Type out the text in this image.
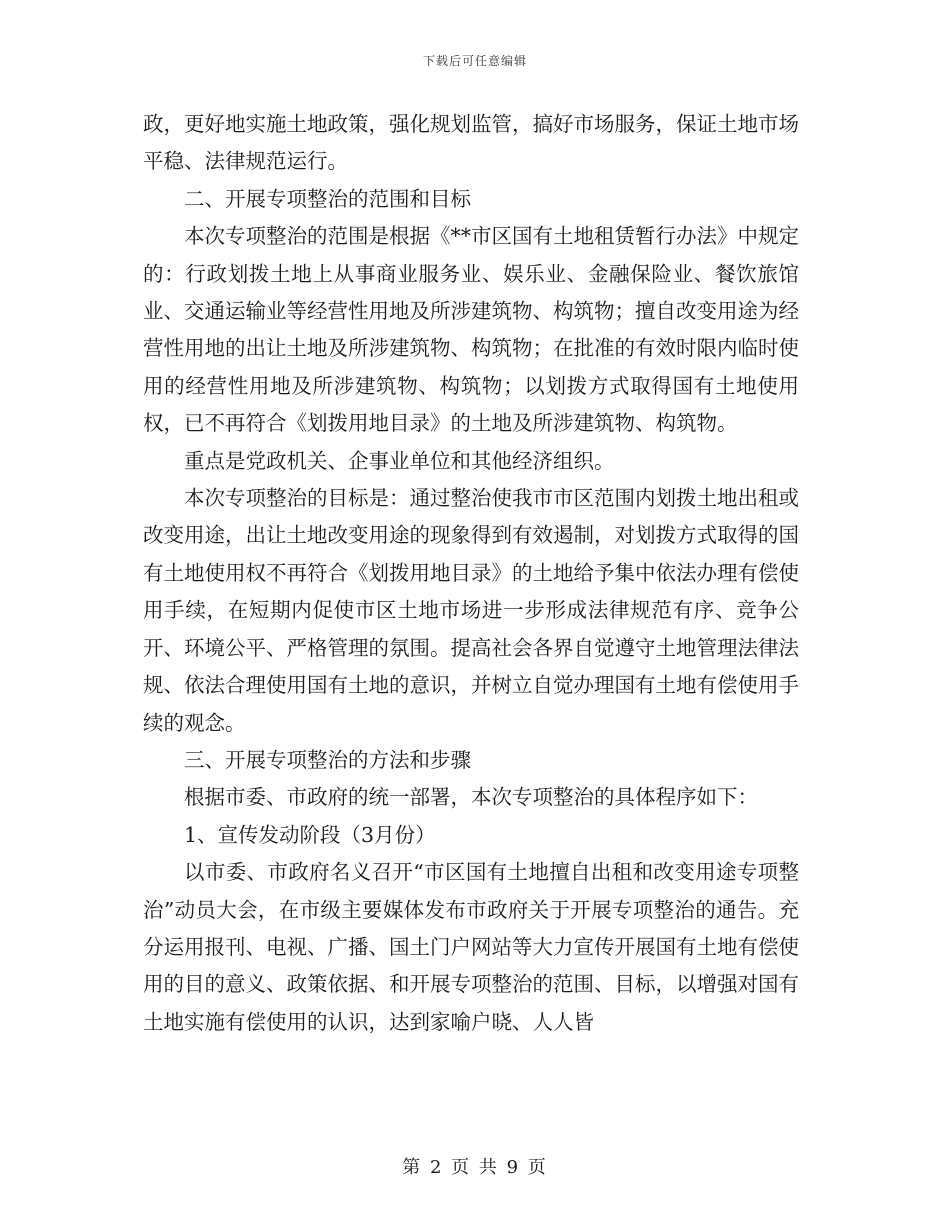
下载后可任意编辑

政，更好地实施土地政策，强化规划监管，搞好市场服务，保证土地市场平稳、法律规范运行。

二、开展专项整治的范围和目标

本次专项整治的范围是根据《**市区国有土地租赁暂行办法》中规定的：行政划拨土地上从事商业服务业、娱乐业、金融保险业、餐饮旅馆业、交通运输业等经营性用地及所涉建筑物、构筑物；擅自改变用途为经营性用地的出让土地及所涉建筑物、构筑物；在批准的有效时限内临时使用的经营性用地及所涉建筑物、构筑物；以划拨方式取得国有土地使用权，已不再符合《划拨用地目录》的土地及所涉建筑物、构筑物。

重点是党政机关、企事业单位和其他经济组织。

本次专项整治的目标是：通过整治使我市市区范围内划拨土地出租或改变用途，出让土地改变用途的现象得到有效遏制，对划拨方式取得的国有土地使用权不再符合《划拨用地目录》的土地给予集中依法办理有偿使用手续，在短期内促使市区土地市场进一步形成法律规范有序、竞争公开、环境公平、严格管理的氛围。提高社会各界自觉遵守土地管理法律法规、依法合理使用国有土地的意识，并树立自觉办理国有土地有偿使用手续的观念。

三、开展专项整治的方法和步骤

根据市委、市政府的统一部署，本次专项整治的具体程序如下：

1、宣传发动阶段（3月份）

以市委、市政府名义召开“市区国有土地擅自出租和改变用途专项整治”动员大会，在市级主要媒体发布市政府关于开展专项整治的通告。充分运用报刊、电视、广播、国土门户网站等大力宣传开展国有土地有偿使用的目的意义、政策依据、和开展专项整治的范围、目标，以增强对国有土地实施有偿使用的认识，达到家喻户晓、人人皆

第 2 页 共 9 页
